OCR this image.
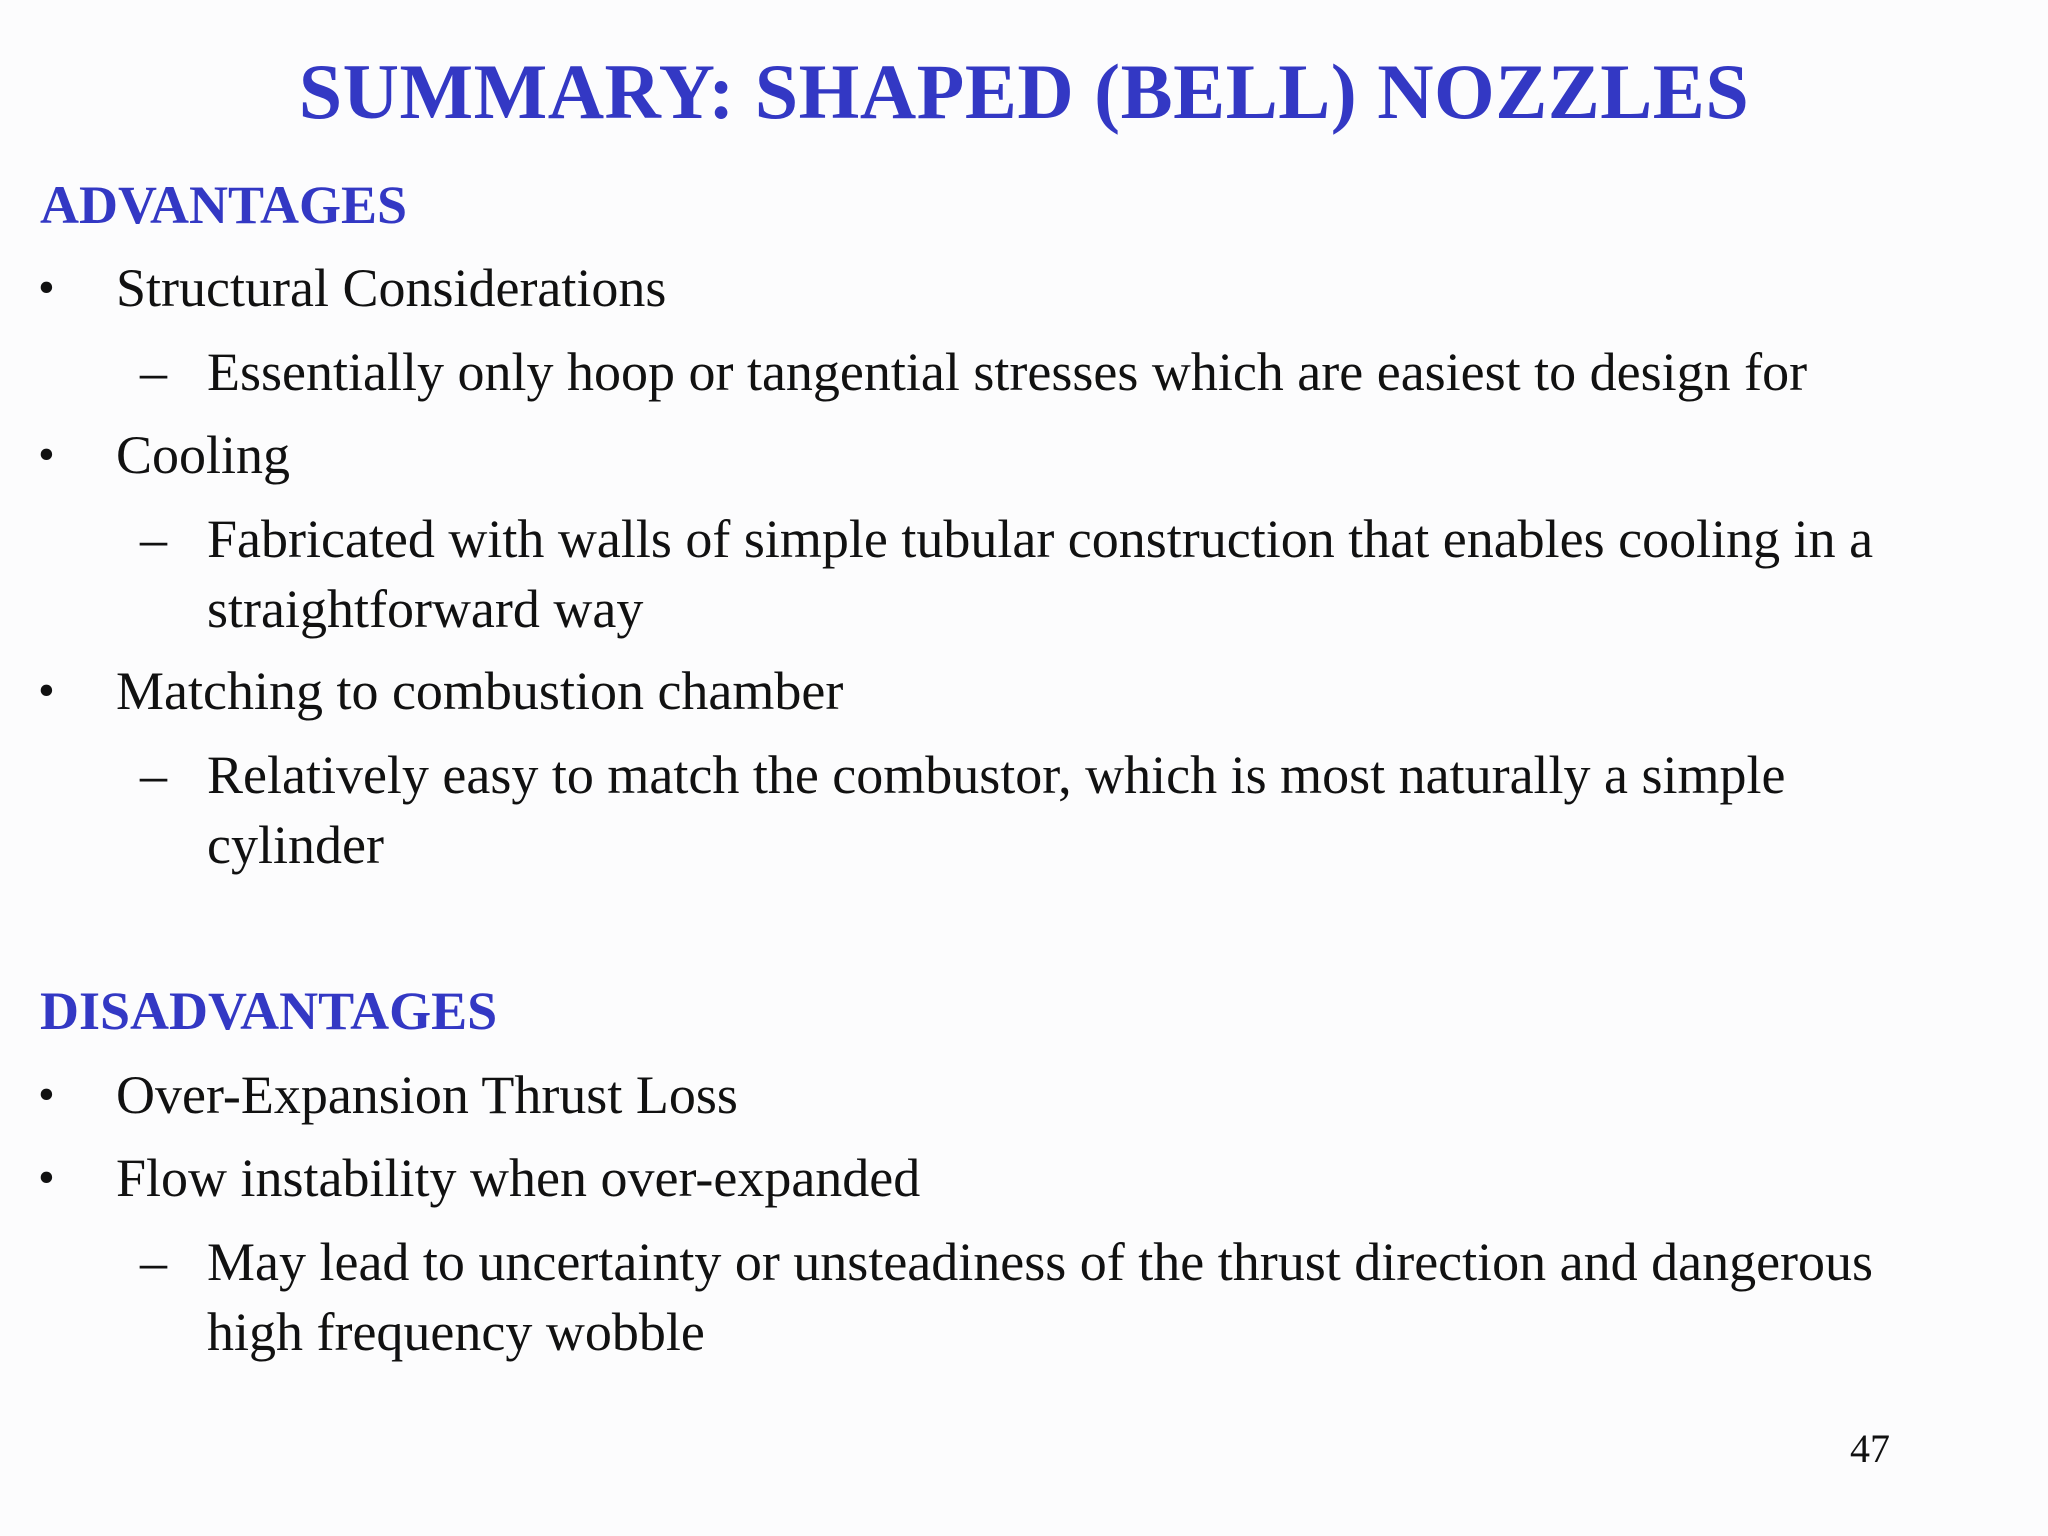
SUMMARY: SHAPED (BELL) NOZZLES
ADVANTAGES
• Structural Considerations
– Essentially only hoop or tangential stresses which are easiest to design for
• Cooling
– Fabricated with walls of simple tubular construction that enables cooling in a
straightforward way
• Matching to combustion chamber
– Relatively easy to match the combustor, which is most naturally a simple
cylinder
DISADVANTAGES
• Over-Expansion Thrust Loss
• Flow instability when over-expanded
– May lead to uncertainty or unsteadiness of the thrust direction and dangerous
high frequency wobble
47
